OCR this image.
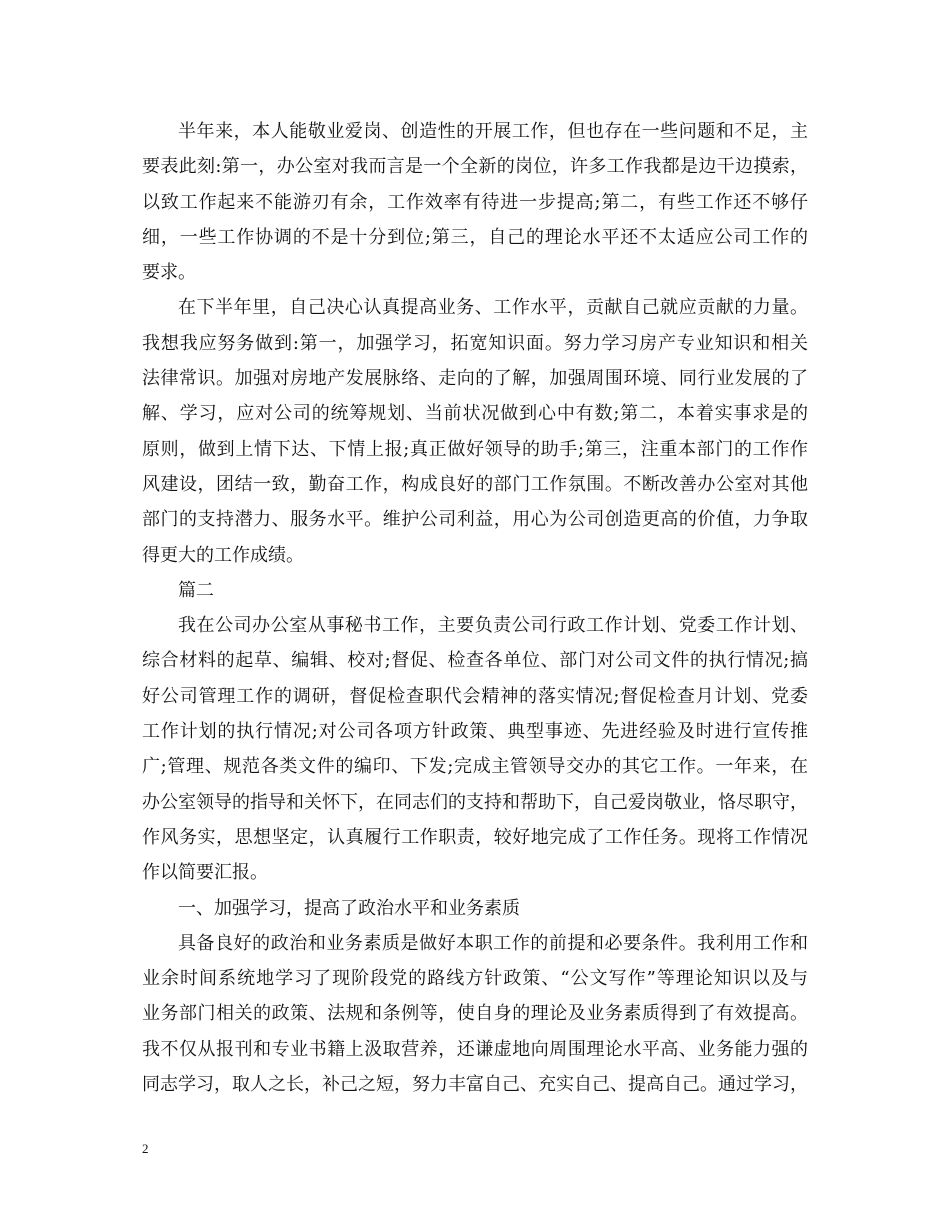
半年来，本人能敬业爱岗、创造性的开展工作，但也存在一些问题和不足，主
要表此刻:第一，办公室对我而言是一个全新的岗位，许多工作我都是边干边摸索，
以致工作起来不能游刃有余，工作效率有待进一步提高;第二，有些工作还不够仔
细，一些工作协调的不是十分到位;第三，自己的理论水平还不太适应公司工作的
要求。
在下半年里，自己决心认真提高业务、工作水平，贡献自己就应贡献的力量。
我想我应努务做到:第一，加强学习，拓宽知识面。努力学习房产专业知识和相关
法律常识。加强对房地产发展脉络、走向的了解，加强周围环境、同行业发展的了
解、学习，应对公司的统筹规划、当前状况做到心中有数;第二，本着实事求是的
原则，做到上情下达、下情上报;真正做好领导的助手;第三，注重本部门的工作作
风建设，团结一致，勤奋工作，构成良好的部门工作氛围。不断改善办公室对其他
部门的支持潜力、服务水平。维护公司利益，用心为公司创造更高的价值，力争取
得更大的工作成绩。
篇二
我在公司办公室从事秘书工作，主要负责公司行政工作计划、党委工作计划、
综合材料的起草、编辑、校对;督促、检查各单位、部门对公司文件的执行情况;搞
好公司管理工作的调研，督促检查职代会精神的落实情况;督促检查月计划、党委
工作计划的执行情况;对公司各项方针政策、典型事迹、先进经验及时进行宣传推
广;管理、规范各类文件的编印、下发;完成主管领导交办的其它工作。一年来，在
办公室领导的指导和关怀下，在同志们的支持和帮助下，自己爱岗敬业，恪尽职守，
作风务实，思想坚定，认真履行工作职责，较好地完成了工作任务。现将工作情况
作以简要汇报。
一、加强学习，提高了政治水平和业务素质
具备良好的政治和业务素质是做好本职工作的前提和必要条件。我利用工作和
业余时间系统地学习了现阶段党的路线方针政策、“公文写作”等理论知识以及与
业务部门相关的政策、法规和条例等，使自身的理论及业务素质得到了有效提高。
我不仅从报刊和专业书籍上汲取营养，还谦虚地向周围理论水平高、业务能力强的
同志学习，取人之长，补己之短，努力丰富自己、充实自己、提高自己。通过学习，
2
